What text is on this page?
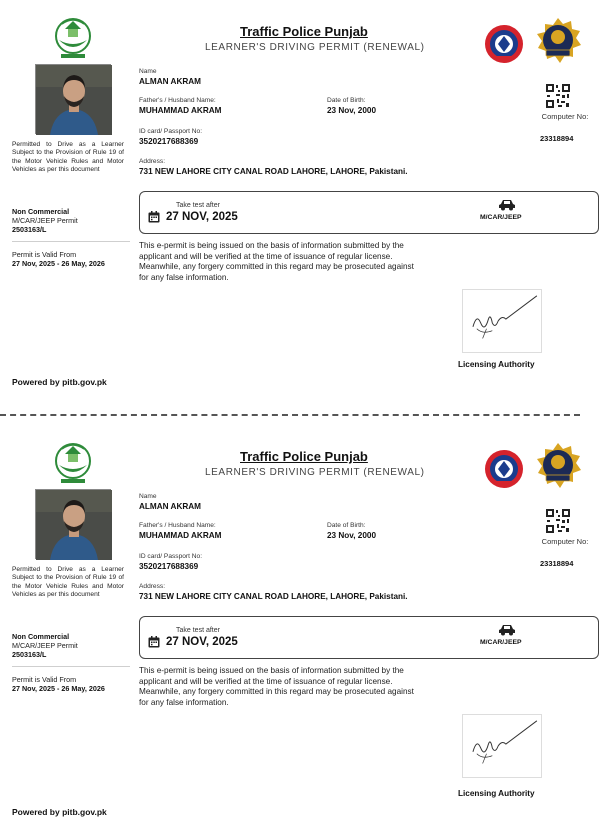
Permitted to Drive as a Learner Subject to the Provision of Rule 19 of the Motor Vehicle Rules and Motor Vehicles as per this document
Non Commercial
M/CAR/JEEP Permit
2503163/L
Permit is Valid From
27 Nov, 2025 - 26 May, 2026
Powered by pitb.gov.pk
Traffic Police Punjab
LEARNER'S DRIVING PERMIT (RENEWAL)
Computer No:
23318894
Name
ALMAN AKRAM
Father's / Husband Name:
MUHAMMAD AKRAM
Date of Birth:
23 Nov, 2000
ID card/ Passport No:
3520217688369
Address:
731 NEW LAHORE CITY CANAL ROAD LAHORE, LAHORE, Pakistani.
Take test after
27 NOV, 2025	M/CAR/JEEP
This e-permit is being issued on the basis of information submitted by the applicant and will be verified at the time of issuance of regular license. Meanwhile, any forgery committed in this regard may be prosecuted against for any false information.
Licensing Authority
Permitted to Drive as a Learner Subject to the Provision of Rule 19 of the Motor Vehicle Rules and Motor Vehicles as per this document
Non Commercial
M/CAR/JEEP Permit
2503163/L
Permit is Valid From
27 Nov, 2025 - 26 May, 2026
Powered by pitb.gov.pk
Traffic Police Punjab
LEARNER'S DRIVING PERMIT (RENEWAL)
Computer No:
23318894
Name
ALMAN AKRAM
Father's / Husband Name:
MUHAMMAD AKRAM
Date of Birth:
23 Nov, 2000
ID card/ Passport No:
3520217688369
Address:
731 NEW LAHORE CITY CANAL ROAD LAHORE, LAHORE, Pakistani.
Take test after
27 NOV, 2025	M/CAR/JEEP
This e-permit is being issued on the basis of information submitted by the applicant and will be verified at the time of issuance of regular license. Meanwhile, any forgery committed in this regard may be prosecuted against for any false information.
Licensing Authority
